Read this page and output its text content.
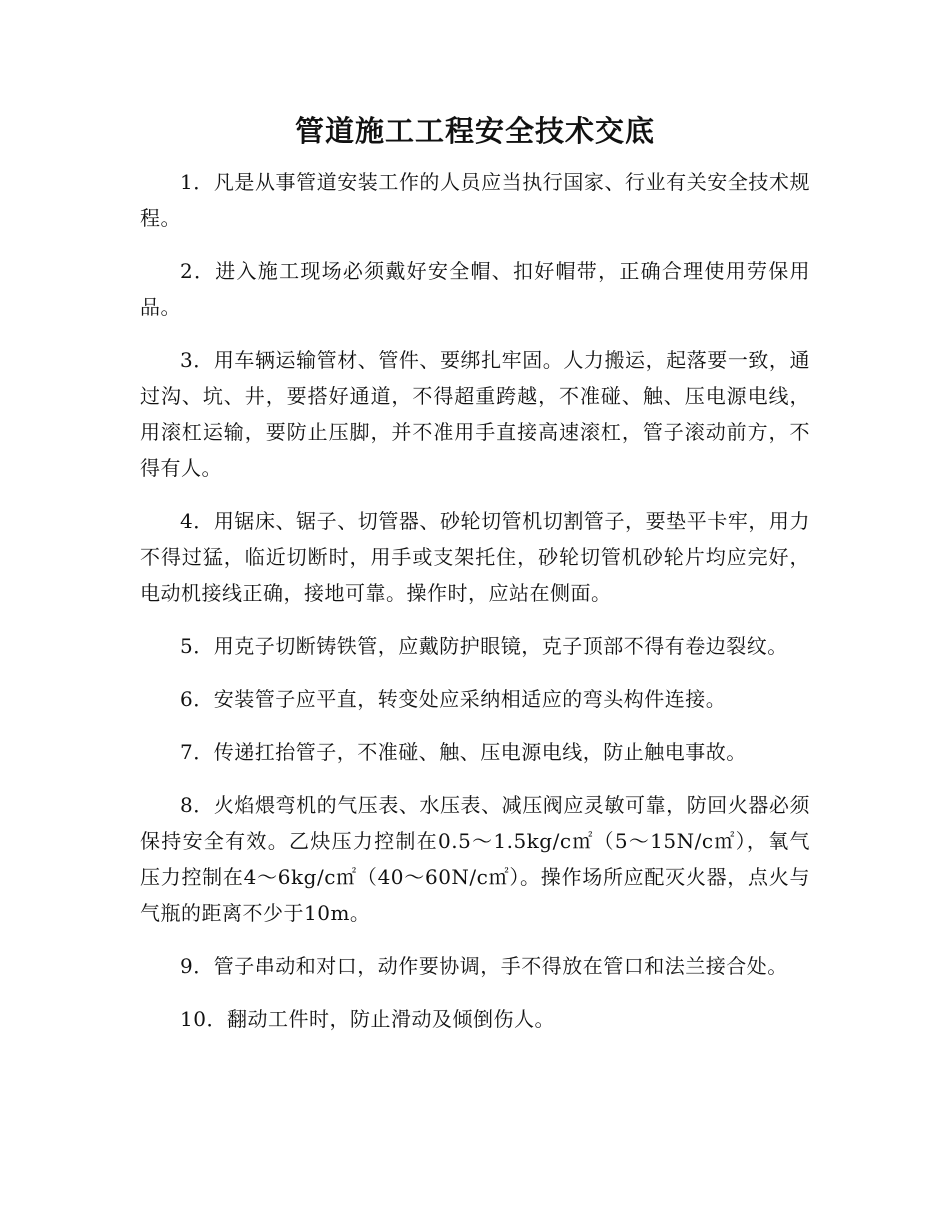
管道施工工程安全技术交底

1．凡是从事管道安装工作的人员应当执行国家、行业有关安全技术规程。

2．进入施工现场必须戴好安全帽、扣好帽带，正确合理使用劳保用品。

3．用车辆运输管材、管件、要绑扎牢固。人力搬运，起落要一致，通过沟、坑、井，要搭好通道，不得超重跨越，不准碰、触、压电源电线，用滚杠运输，要防止压脚，并不准用手直接高速滚杠，管子滚动前方，不得有人。

4．用锯床、锯子、切管器、砂轮切管机切割管子，要垫平卡牢，用力不得过猛，临近切断时，用手或支架托住，砂轮切管机砂轮片均应完好，电动机接线正确，接地可靠。操作时，应站在侧面。

5．用克子切断铸铁管，应戴防护眼镜，克子顶部不得有卷边裂纹。

6．安装管子应平直，转变处应采纳相适应的弯头构件连接。

7．传递扛抬管子，不准碰、触、压电源电线，防止触电事故。

8．火焰煨弯机的气压表、水压表、减压阀应灵敏可靠，防回火器必须保持安全有效。乙炔压力控制在0.5～1.5kg/c㎡（5～15N/c㎡），氧气压力控制在4～6kg/c㎡（40～60N/c㎡）。操作场所应配灭火器，点火与气瓶的距离不少于10m。

9．管子串动和对口，动作要协调，手不得放在管口和法兰接合处。

10．翻动工件时，防止滑动及倾倒伤人。
